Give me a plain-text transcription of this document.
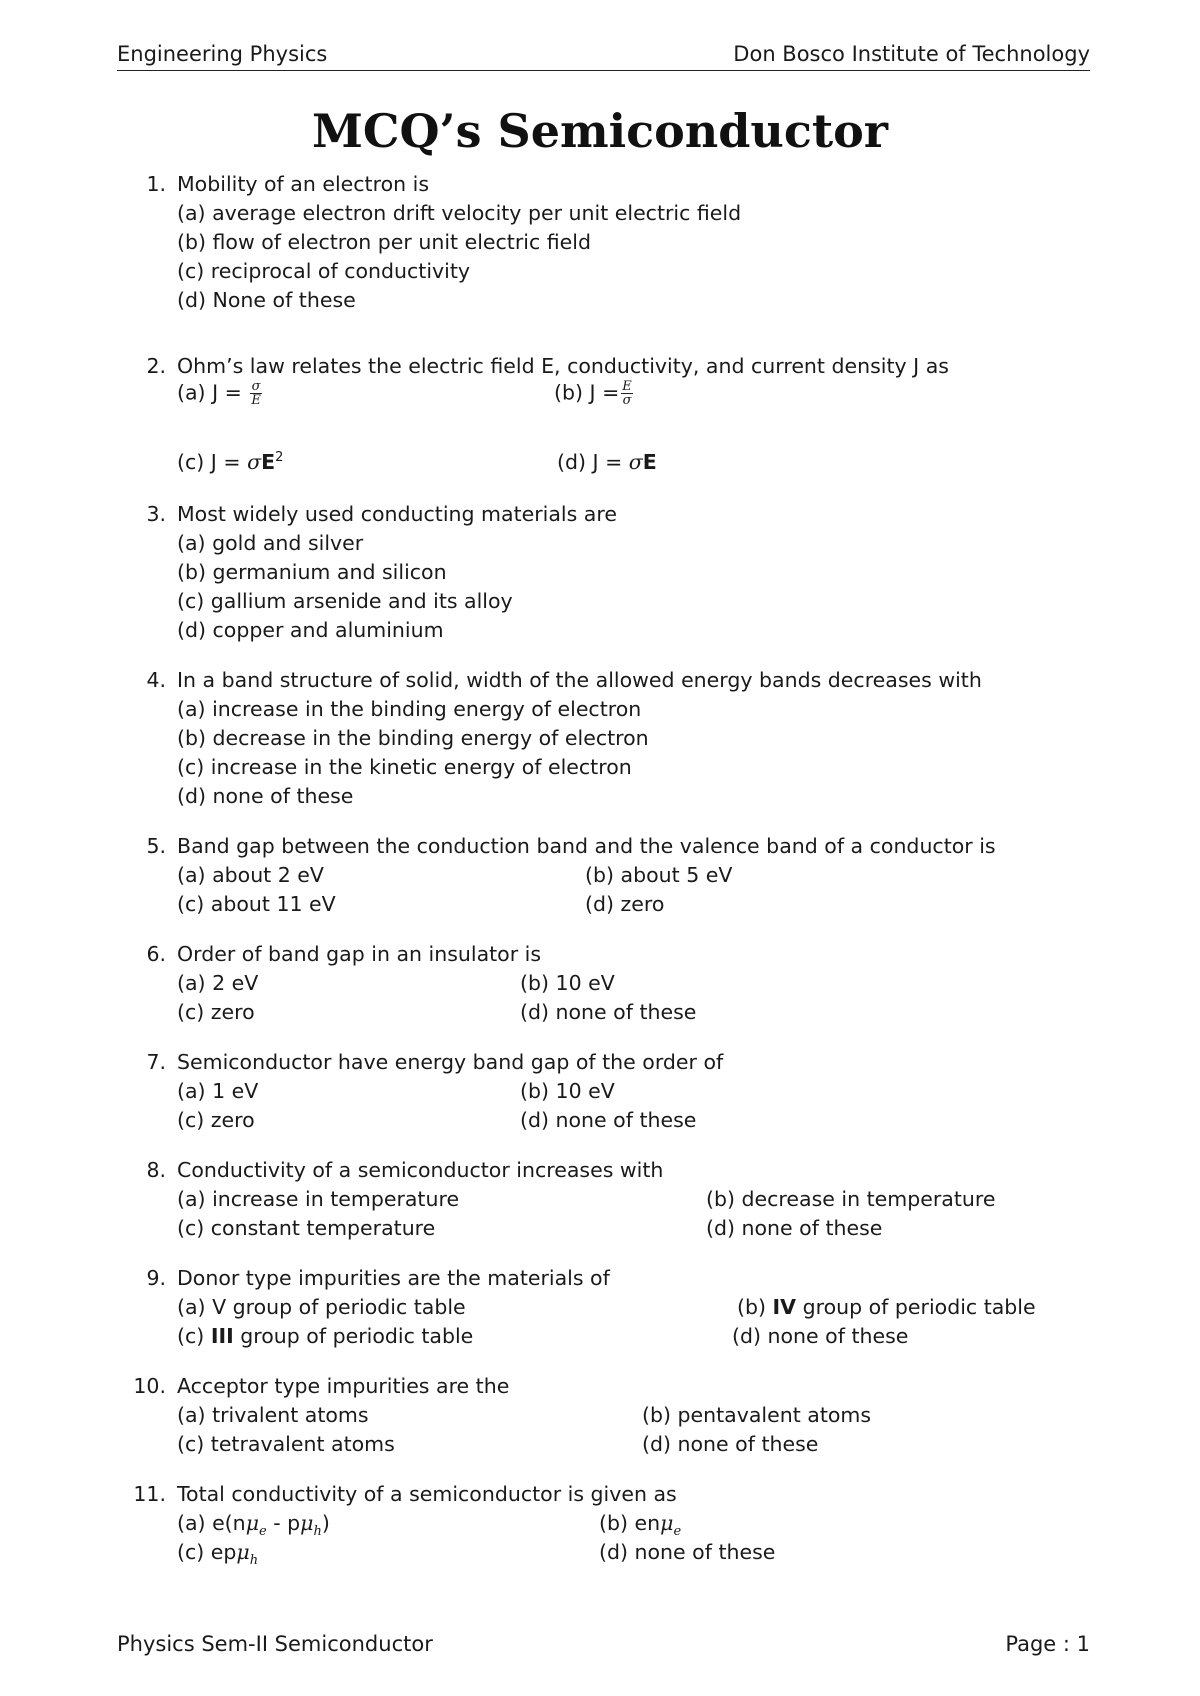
Engineering Physics	Don Bosco Institute of Technology
MCQ’s Semiconductor
1. Mobility of an electron is
(a) average electron drift velocity per unit electric field
(b) flow of electron per unit electric field
(c) reciprocal of conductivity
(d) None of these
2. Ohm’s law relates the electric field E, conductivity, and current density J as
(a) $J = \frac{\sigma}{E}$	(b) $J = \frac{E}{\sigma}$
(c) $J = \sigma E^2$	(d) J = σE
3. Most widely used conducting materials are
(a) gold and silver
(b) germanium and silicon
(c) gallium arsenide and its alloy
(d) copper and aluminium
4. In a band structure of solid, width of the allowed energy bands decreases with
(a) increase in the binding energy of electron
(b) decrease in the binding energy of electron
(c) increase in the kinetic energy of electron
(d) none of these
5. Band gap between the conduction band and the valence band of a conductor is
(a) about 2 eV	(b) about 5 eV
(c) about 11 eV	(d) zero
6. Order of band gap in an insulator is
(a) 2 eV	(b) 10 eV
(c) zero	(d) none of these
7. Semiconductor have energy band gap of the order of
(a) 1 eV	(b) 10 eV
(c) zero	(d) none of these
8. Conductivity of a semiconductor increases with
(a) increase in temperature	(b) decrease in temperature
(c) constant temperature	(d) none of these
9. Donor type impurities are the materials of
(a) V group of periodic table	(b) IV group of periodic table
(c) III group of periodic table	(d) none of these
10. Acceptor type impurities are the
(a) trivalent atoms	(b) pentavalent atoms
(c) tetravalent atoms	(d) none of these
11. Total conductivity of a semiconductor is given as
(a) $e(n\mu_e - p\mu_h)$	(b) enμ$_e$
(c) epμ$_h$	(d) none of these
Physics Sem-II Semiconductor	Page : 1
